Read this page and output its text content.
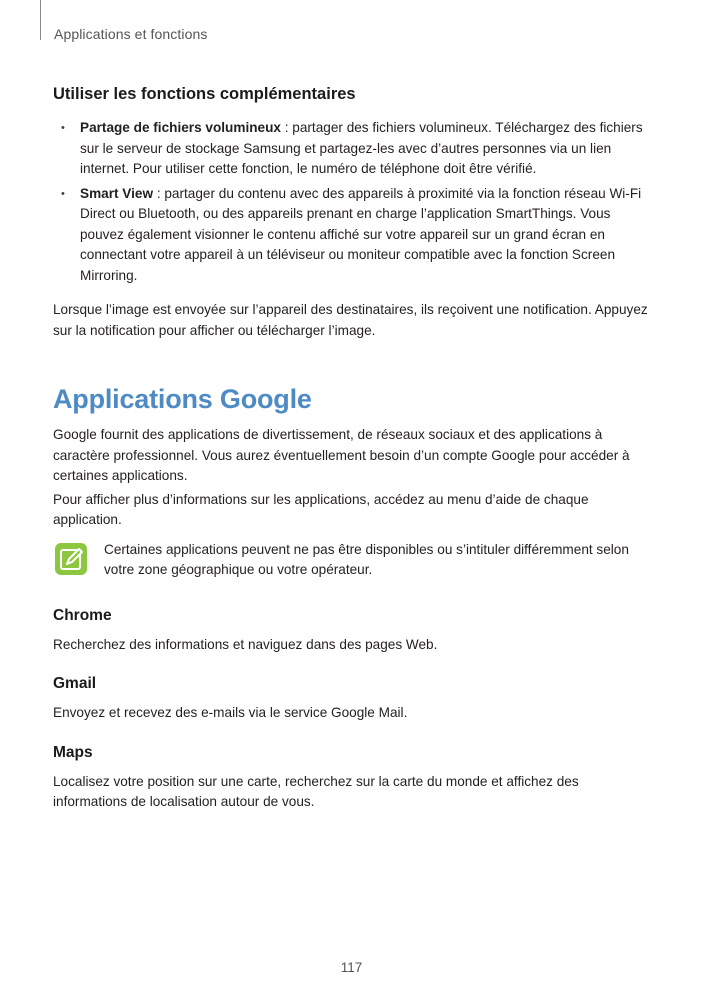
Applications et fonctions
Utiliser les fonctions complémentaires
• Partage de fichiers volumineux : partager des fichiers volumineux. Téléchargez des fichiers sur le serveur de stockage Samsung et partagez-les avec d’autres personnes via un lien internet. Pour utiliser cette fonction, le numéro de téléphone doit être vérifié.
• Smart View : partager du contenu avec des appareils à proximité via la fonction réseau Wi-Fi Direct ou Bluetooth, ou des appareils prenant en charge l’application SmartThings. Vous pouvez également visionner le contenu affiché sur votre appareil sur un grand écran en connectant votre appareil à un téléviseur ou moniteur compatible avec la fonction Screen Mirroring.

Lorsque l’image est envoyée sur l’appareil des destinataires, ils reçoivent une notification. Appuyez sur la notification pour afficher ou télécharger l’image.

Applications Google

Google fournit des applications de divertissement, de réseaux sociaux et des applications à caractère professionnel. Vous aurez éventuellement besoin d’un compte Google pour accéder à certaines applications.

Pour afficher plus d’informations sur les applications, accédez au menu d’aide de chaque application.

Certaines applications peuvent ne pas être disponibles ou s’intituler différemment selon votre zone géographique ou votre opérateur.

Chrome

Recherchez des informations et naviguez dans des pages Web.

Gmail

Envoyez et recevez des e-mails via le service Google Mail.

Maps

Localisez votre position sur une carte, recherchez sur la carte du monde et affichez des informations de localisation autour de vous.

117
